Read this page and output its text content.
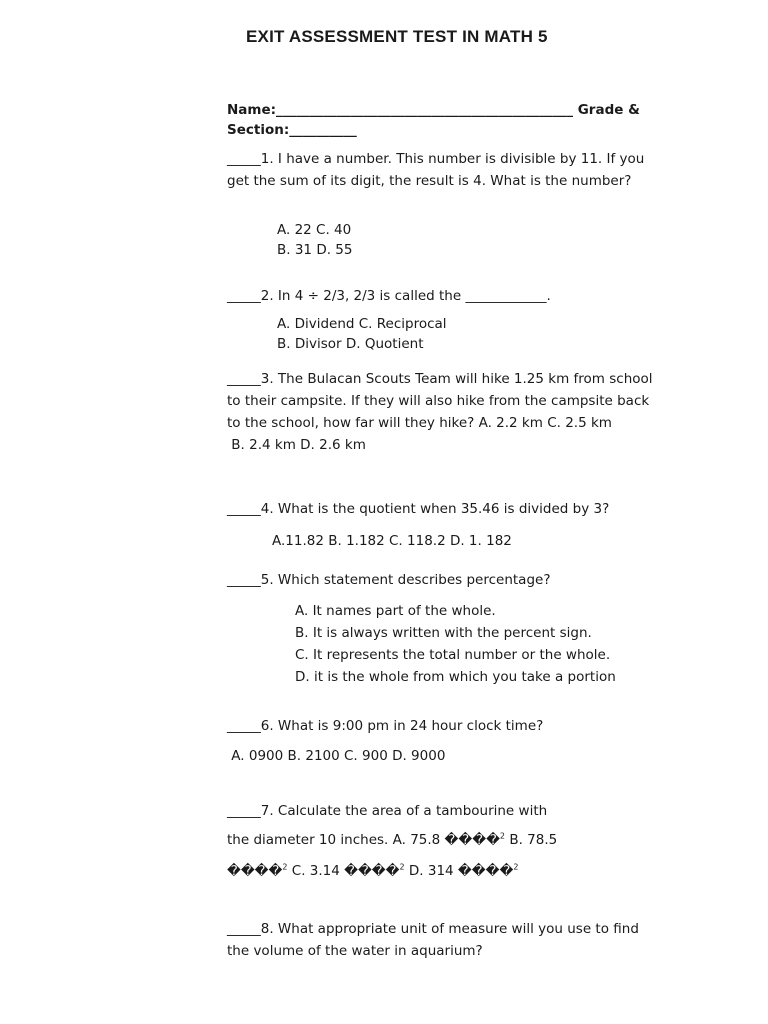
EXIT ASSESSMENT TEST IN MATH 5
Name:____________________________________________ Grade &
Section:__________

_____1. I have a number. This number is divisible by 11. If you get the sum of its digit, the result is 4. What is the number?

A. 22 C. 40
B. 31 D. 55
_____2. In 4 ÷ 2/3, 2/3 is called the ____________.
A. Dividend C. Reciprocal
B. Divisor D. Quotient

_____3. The Bulacan Scouts Team will hike 1.25 km from school to their campsite. If they will also hike from the campsite back to the school, how far will they hike? A. 2.2 km C. 2.5 km

B. 2.4 km D. 2.6 km

_____4. What is the quotient when 35.46 is divided by 3?
A.11.82 B. 1.182 C. 118.2 D. 1. 182
_____5. Which statement describes percentage?
A. It names part of the whole.
B. It is always written with the percent sign.
C. It represents the total number or the whole.
D. it is the whole from which you take a portion
_____6. What is 9:00 pm in 24 hour clock time?
A. 0900 B. 2100 C. 900 D. 9000
_____7. Calculate the area of a tambourine with
the diameter 10 inches. A. 75.8 ����$^2$ B. 78.5
����$^2$ C. 3.14 ����$^2$ D. 314 ����$^2$

_____8. What appropriate unit of measure will you use to find the volume of the water in aquarium?
